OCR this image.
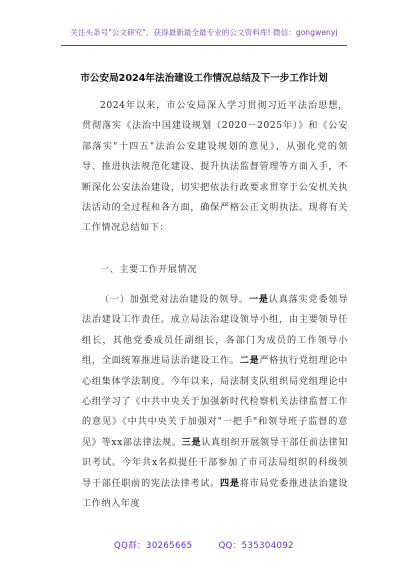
关注头条号"公文研究"，获得最新最全最专业的公文资料库! 微信：gongwenyj
市公安局2024年法治建设工作情况总结及下一步工作计划
2024年以来，市公安局深入学习贯彻习近平法治思想，贯彻落实《法治中国建设规划（2020－2025年）》和《公安部落实"十四五"法治公安建设规划的意见》，从强化党的领导、推进执法规范化建设、提升执法监督管理等方面入手，不断深化公安法治建设，切实把依法行政要求贯穿于公安机关执法活动的全过程和各方面，确保严格公正文明执法。现将有关工作情况总结如下：
一、主要工作开展情况
（一）加强党对法治建设的领导。一是认真落实党委领导法治建设工作责任。成立局法治建设领导小组，由主要领导任组长，其他党委成员任副组长，各部门为成员的工作领导小组，全面统筹推进局法治建设工作。二是严格执行党组理论中心组集体学法制度。今年以来，局法制支队组织局党组理论中心组学习了《中共中央关于加强新时代检察机关法律监督工作的意见》《中共中央关于加强对"一把手"和领导班子监督的意见》等xx部法律法规。三是认真组织开展领导干部任前法律知识考试。今年共x名拟提任干部参加了市司法局组织的科级领导干部任职前的宪法法律考试。四是将市局党委推进法治建设工作纳入年度
QQ群：30265665	QQ：535304092
